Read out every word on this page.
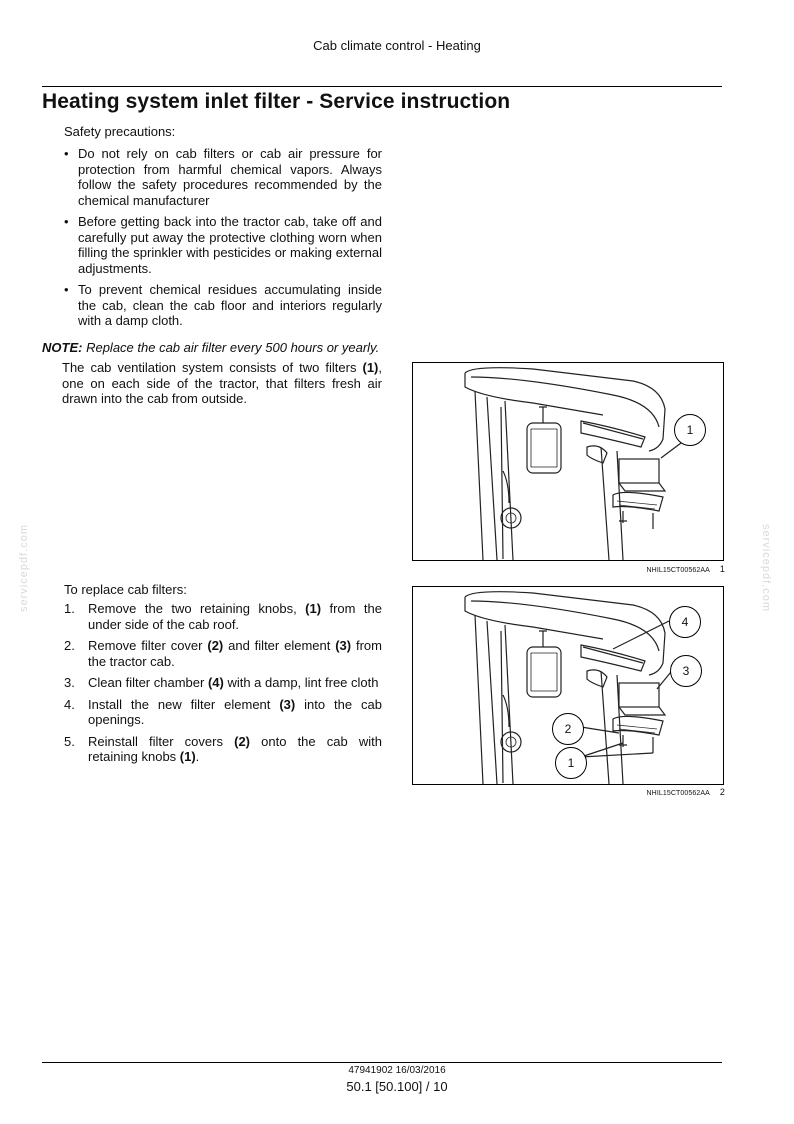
Cab climate control - Heating
Heating system inlet filter - Service instruction
Safety precautions:
• Do not rely on cab filters or cab air pressure for protection from harmful chemical vapors. Always follow the safety procedures recommended by the chemical manufacturer
• Before getting back into the tractor cab, take off and carefully put away the protective clothing worn when filling the sprinkler with pesticides or making external adjustments.
• To prevent chemical residues accumulating inside the cab, clean the cab floor and interiors regularly with a damp cloth.
NOTE: Replace the cab air filter every 500 hours or yearly.
The cab ventilation system consists of two filters (1), one on each side of the tractor, that filters fresh air drawn into the cab from outside.
To replace cab filters:
1. Remove the two retaining knobs, (1) from the under side of the cab roof.
2. Remove filter cover (2) and filter element (3) from the tractor cab.
3. Clean filter chamber (4) with a damp, lint free cloth
4. Install the new filter element (3) into the cab openings.
5. Reinstall filter covers (2) onto the cab with retaining knobs (1).
1
NHIL15CT00562AA 1
4
3
2
1
NHIL15CT00562AA 2
servicepdf.com	servicepdf.com
47941902 16/03/2016
50.1 [50.100] / 10
